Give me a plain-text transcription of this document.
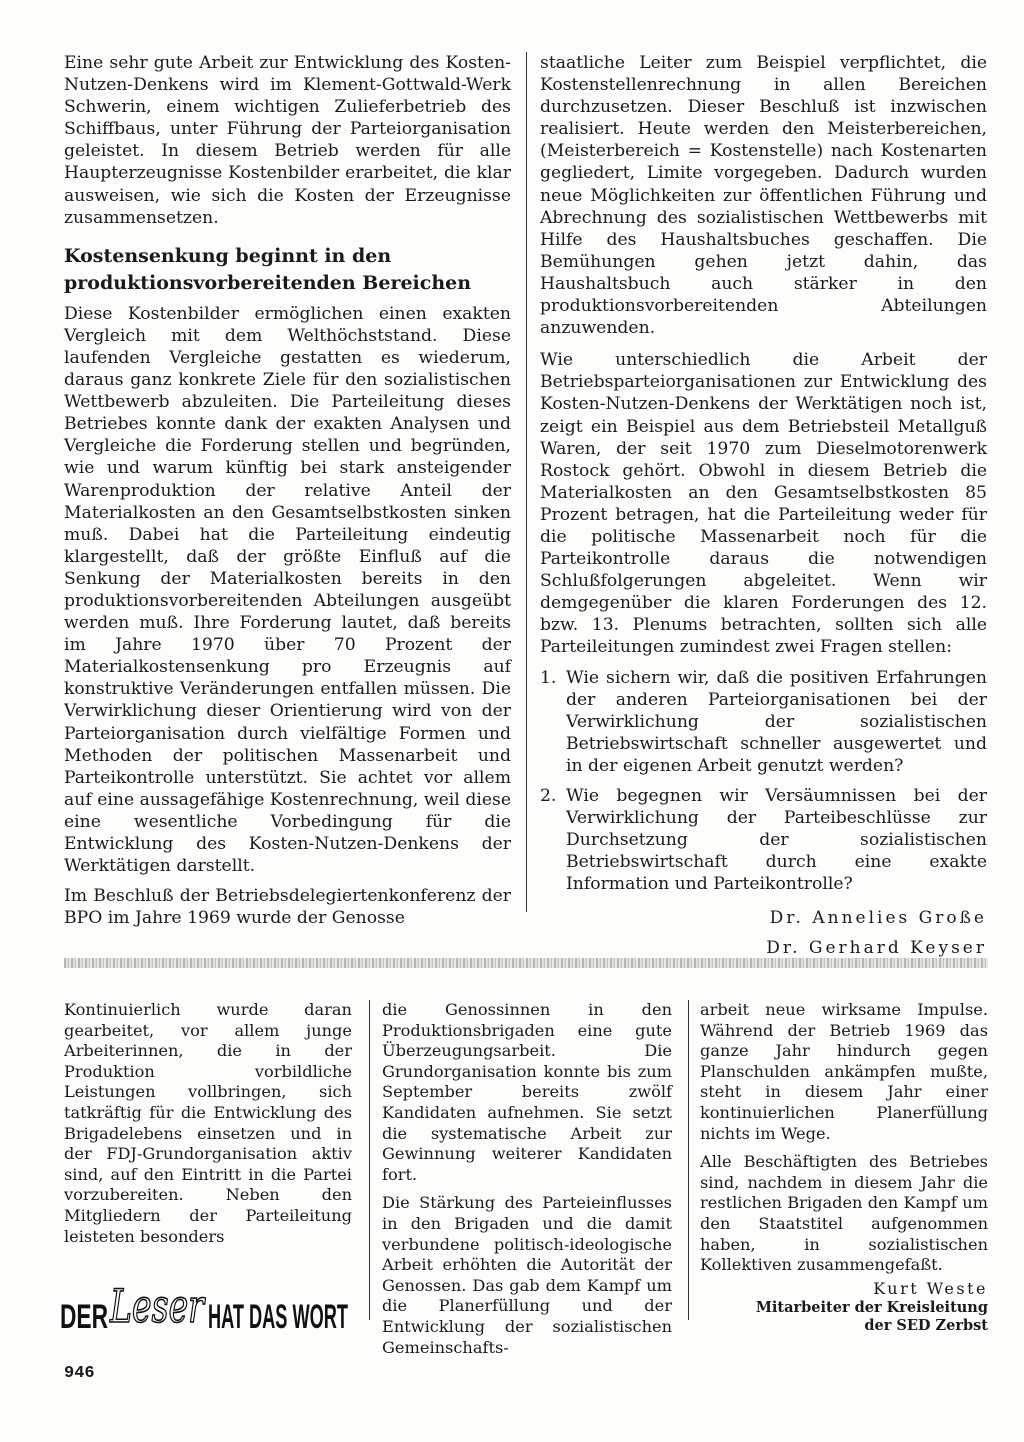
Eine sehr gute Arbeit zur Entwicklung des Kosten-Nutzen-Denkens wird im Klement-Gottwald-Werk Schwerin, einem wichtigen Zulieferbetrieb des Schiffbaus, unter Führung der Parteiorganisation geleistet. In diesem Betrieb werden für alle Haupterzeugnisse Kostenbilder erarbeitet, die klar ausweisen, wie sich die Kosten der Erzeugnisse zusammensetzen.

Kostensenkung beginnt in den
produktionsvorbereitenden Bereichen

Diese Kostenbilder ermöglichen einen exakten Vergleich mit dem Welthöchststand. Diese laufenden Vergleiche gestatten es wiederum, daraus ganz konkrete Ziele für den sozialistischen Wettbewerb abzuleiten. Die Parteileitung dieses Betriebes konnte dank der exakten Analysen und Vergleiche die Forderung stellen und begründen, wie und warum künftig bei stark ansteigender Warenproduktion der relative Anteil der Materialkosten an den Gesamtselbstkosten sinken muß. Dabei hat die Parteileitung eindeutig klargestellt, daß der größte Einfluß auf die Senkung der Materialkosten bereits in den produktionsvorbereitenden Abteilungen ausgeübt werden muß. Ihre Forderung lautet, daß bereits im Jahre 1970 über 70 Prozent der Materialkostensenkung pro Erzeugnis auf konstruktive Veränderungen entfallen müssen. Die Verwirklichung dieser Orientierung wird von der Parteiorganisation durch vielfältige Formen und Methoden der politischen Massenarbeit und Parteikontrolle unterstützt. Sie achtet vor allem auf eine aussagefähige Kostenrechnung, weil diese eine wesentliche Vorbedingung für die Entwicklung des Kosten-Nutzen-Denkens der Werktätigen darstellt.

Im Beschluß der Betriebsdelegiertenkonferenz der BPO im Jahre 1969 wurde der Genosse

staatliche Leiter zum Beispiel verpflichtet, die Kostenstellenrechnung in allen Bereichen durchzusetzen. Dieser Beschluß ist inzwischen realisiert. Heute werden den Meisterbereichen, (Meisterbereich = Kostenstelle) nach Kostenarten gegliedert, Limite vorgegeben. Dadurch wurden neue Möglichkeiten zur öffentlichen Führung und Abrechnung des sozialistischen Wettbewerbs mit Hilfe des Haushaltsbuches geschaffen. Die Bemühungen gehen jetzt dahin, das Haushaltsbuch auch stärker in den produktionsvorbereitenden Abteilungen anzuwenden.

Wie unterschiedlich die Arbeit der Betriebsparteiorganisationen zur Entwicklung des Kosten-Nutzen-Denkens der Werktätigen noch ist, zeigt ein Beispiel aus dem Betriebsteil Metallguß Waren, der seit 1970 zum Dieselmotorenwerk Rostock gehört. Obwohl in diesem Betrieb die Materialkosten an den Gesamtselbstkosten 85 Prozent betragen, hat die Parteileitung weder für die politische Massenarbeit noch für die Parteikontrolle daraus die notwendigen Schlußfolgerungen abgeleitet. Wenn wir demgegenüber die klaren Forderungen des 12. bzw. 13. Plenums betrachten, sollten sich alle Parteileitungen zumindest zwei Fragen stellen:

1. Wie sichern wir, daß die positiven Erfahrungen der anderen Parteiorganisationen bei der Verwirklichung der sozialistischen Betriebswirtschaft schneller ausgewertet und in der eigenen Arbeit genutzt werden?
2. Wie begegnen wir Versäumnissen bei der Verwirklichung der Parteibeschlüsse zur Durchsetzung der sozialistischen Betriebswirtschaft durch eine exakte Information und Parteikontrolle?
Dr. Annelies Große
Dr. Gerhard Keyser

Kontinuierlich wurde daran gearbeitet, vor allem junge Arbeiterinnen, die in der Produktion vorbildliche Leistungen vollbringen, sich tatkräftig für die Entwicklung des Brigadelebens einsetzen und in der FDJ-Grundorganisation aktiv sind, auf den Eintritt in die Partei vorzubereiten. Neben den Mitgliedern der Parteileitung leisteten besonders

die Genossinnen in den Produktionsbrigaden eine gute Überzeugungsarbeit. Die Grundorganisation konnte bis zum September bereits zwölf Kandidaten aufnehmen. Sie setzt die systematische Arbeit zur Gewinnung weiterer Kandidaten fort.

Die Stärkung des Parteieinflusses in den Brigaden und die damit verbundene politisch-ideologische Arbeit erhöhten die Autorität der Genossen. Das gab dem Kampf um die Planerfüllung und der Entwicklung der sozialistischen Gemeinschafts-

arbeit neue wirksame Impulse. Während der Betrieb 1969 das ganze Jahr hindurch gegen Planschulden ankämpfen mußte, steht in diesem Jahr einer kontinuierlichen Planerfüllung nichts im Wege.

Alle Beschäftigten des Betriebes sind, nachdem in diesem Jahr die restlichen Brigaden den Kampf um den Staatstitel aufgenommen haben, in sozialistischen Kollektiven zusammengefaßt.

Kurt Weste
Mitarbeiter der Kreisleitung
der SED Zerbst
DER Leser HAT DAS WORT
946
